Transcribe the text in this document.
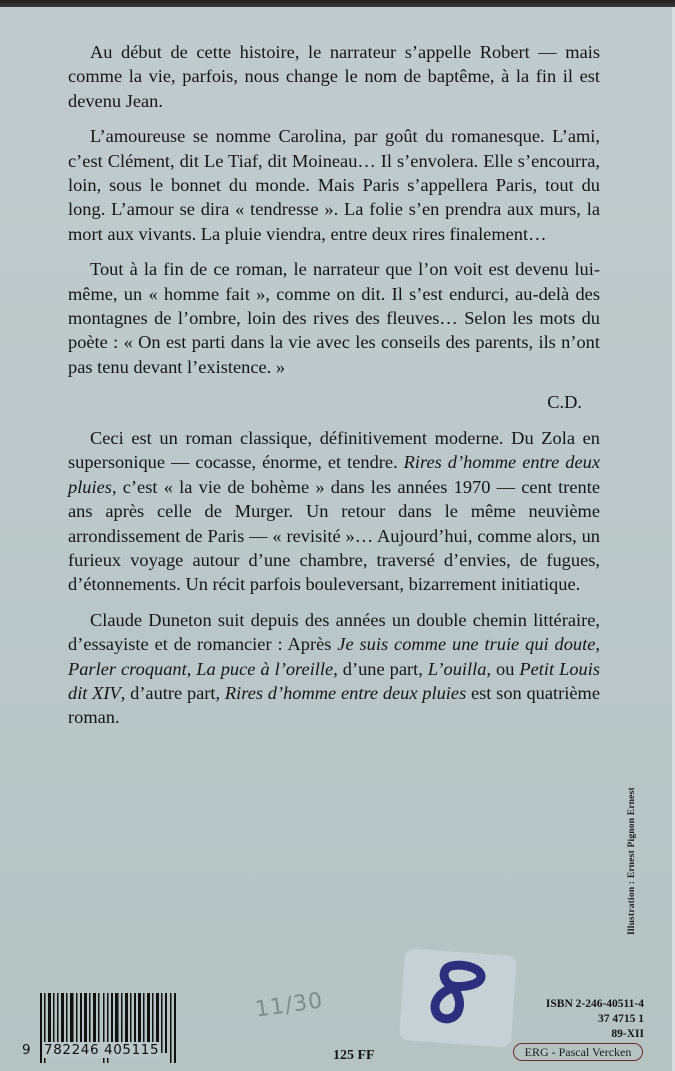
Au début de cette histoire, le narrateur s’appelle Robert — mais comme la vie, parfois, nous change le nom de baptême, à la fin il est devenu Jean.

L’amoureuse se nomme Carolina, par goût du romanesque. L’ami, c’est Clément, dit Le Tiaf, dit Moineau… Il s’envolera. Elle s’encourra, loin, sous le bonnet du monde. Mais Paris s’appellera Paris, tout du long. L’amour se dira « tendresse ». La folie s’en prendra aux murs, la mort aux vivants. La pluie viendra, entre deux rires finalement…

Tout à la fin de ce roman, le narrateur que l’on voit est devenu lui-même, un « homme fait », comme on dit. Il s’est endurci, au-delà des montagnes de l’ombre, loin des rives des fleuves… Selon les mots du poète : « On est parti dans la vie avec les conseils des parents, ils n’ont pas tenu devant l’existence. »

C.D.

Ceci est un roman classique, définitivement moderne. Du Zola en supersonique — cocasse, énorme, et tendre. Rires d’homme entre deux pluies, c’est « la vie de bohème » dans les années 1970 — cent trente ans après celle de Murger. Un retour dans le même neuvième arrondissement de Paris — « revisité »… Aujourd’hui, comme alors, un furieux voyage autour d’une chambre, traversé d’envies, de fugues, d’étonnements. Un récit parfois bouleversant, bizarrement initiatique.

Claude Duneton suit depuis des années un double chemin littéraire, d’essayiste et de romancier : Après Je suis comme une truie qui doute, Parler croquant, La puce à l’oreille, d’une part, L’ouilla, ou Petit Louis dit XIV, d’autre part, Rires d’homme entre deux pluies est son quatrième roman.

Illustration : Ernest Pignon Ernest
9 782246 405115
11/30
125 FF
ISBN 2-246-40511-4
37 4715 1
89-XII
ERG - Pascal Vercken
